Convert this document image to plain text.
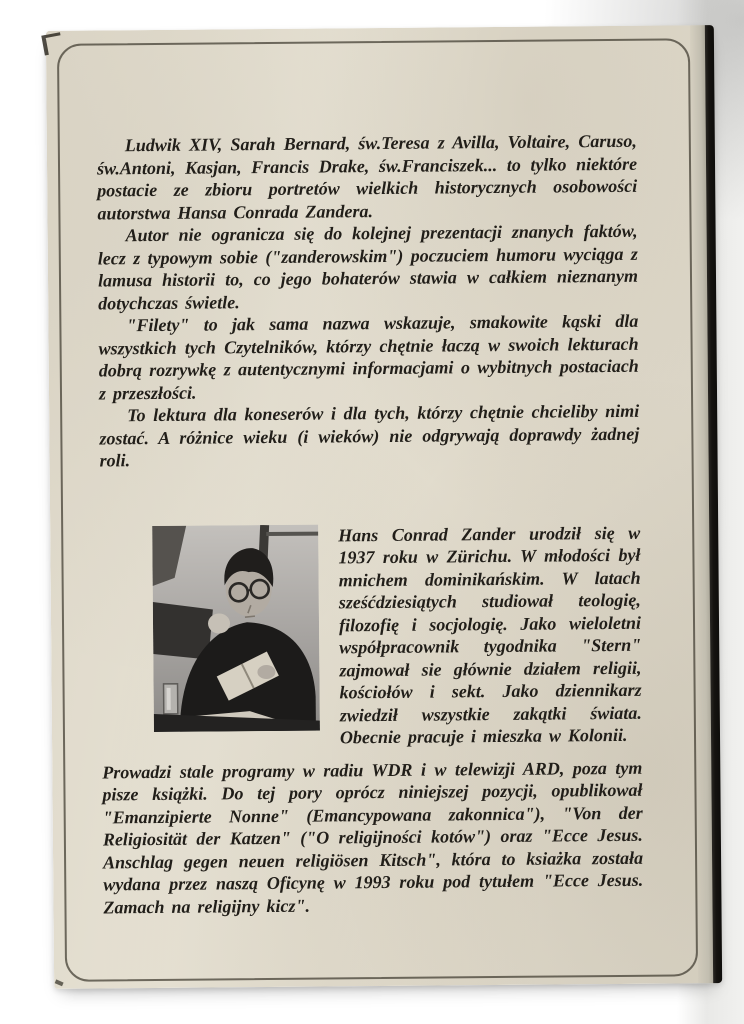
Ludwik XIV, Sarah Bernard, św.Teresa z Avilla, Voltaire, Caruso, św.Antoni, Kasjan, Francis Drake, św.Franciszek... to tylko niektóre postacie ze zbioru portretów wielkich historycznych osobowości autorstwa Hansa Conrada Zandera.

Autor nie ogranicza się do kolejnej prezentacji znanych faktów, lecz z typowym sobie ("zanderowskim") poczuciem humoru wyciąga z lamusa historii to, co jego bohaterów stawia w całkiem nieznanym dotychczas świetle.

"Filety" to jak sama nazwa wskazuje, smakowite kąski dla wszystkich tych Czytelników, którzy chętnie łaczą w swoich lekturach dobrą rozrywkę z autentycznymi informacjami o wybitnych postaciach z przeszłości.

To lektura dla koneserów i dla tych, którzy chętnie chcieliby nimi zostać. A różnice wieku (i wieków) nie odgrywają doprawdy żadnej roli.

Hans Conrad Zander urodził się w 1937 roku w Zürichu. W młodości był mnichem dominikańskim. W latach sześćdziesiątych studiował teologię, filozofię i socjologię. Jako wieloletni współpracownik tygodnika "Stern" zajmował sie głównie działem religii, kościołów i sekt. Jako dziennikarz zwiedził wszystkie zakątki świata. Obecnie pracuje i mieszka w Kolonii.

Prowadzi stale programy w radiu WDR i w telewizji ARD, poza tym pisze książki. Do tej pory oprócz niniejszej pozycji, opublikował "Emanzipierte Nonne" (Emancypowana zakonnica"), "Von der Religiosität der Katzen" ("O religijności kotów") oraz "Ecce Jesus. Anschlag gegen neuen religiösen Kitsch", która to ksiażka została wydana przez naszą Oficynę w 1993 roku pod tytułem "Ecce Jesus. Zamach na religijny kicz".
